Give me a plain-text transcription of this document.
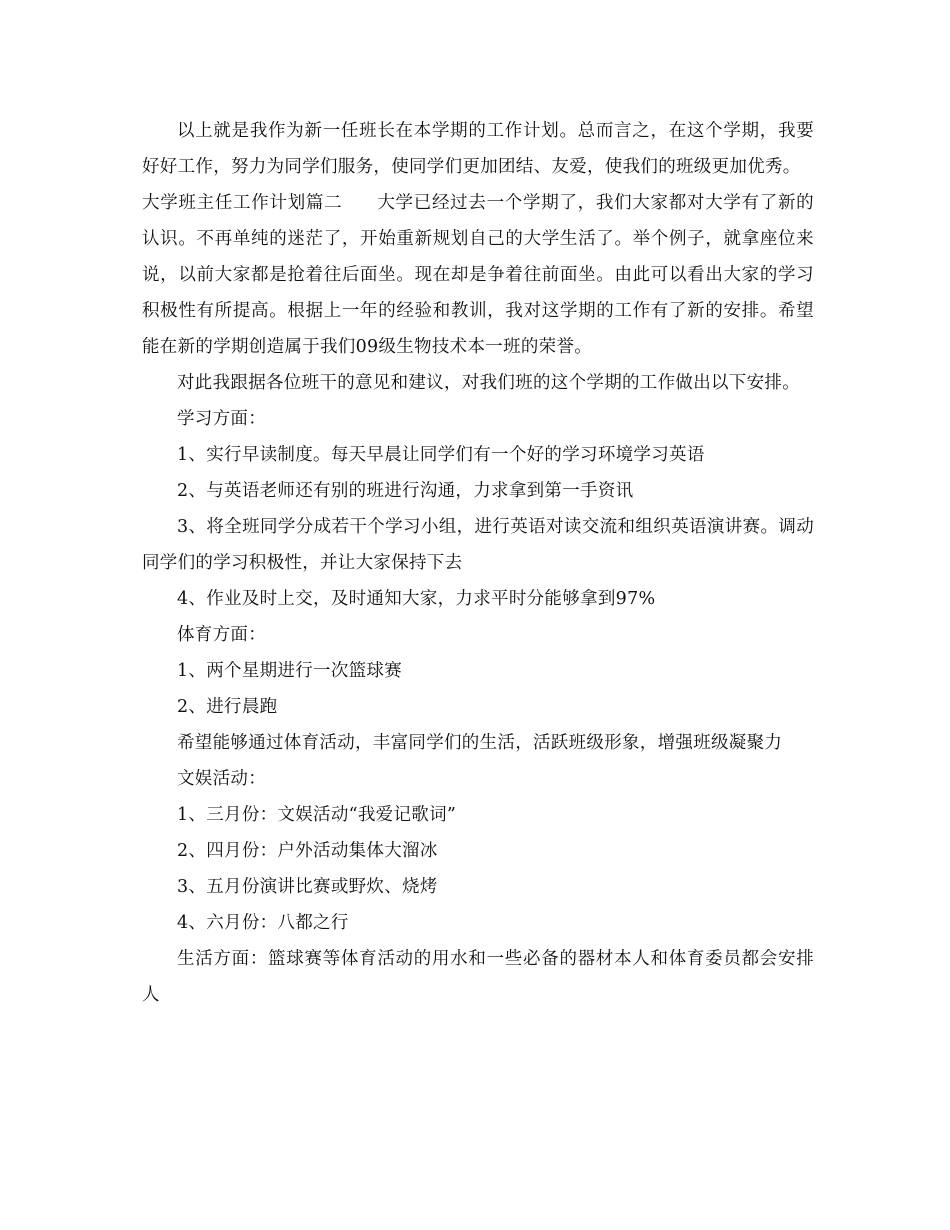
以上就是我作为新一任班长在本学期的工作计划。总而言之，在这个学期，我要好好工作，努力为同学们服务，使同学们更加团结、友爱，使我们的班级更加优秀。

大学班主任工作计划篇二 大学已经过去一个学期了，我们大家都对大学有了新的认识。不再单纯的迷茫了，开始重新规划自己的大学生活了。举个例子，就拿座位来说，以前大家都是抢着往后面坐。现在却是争着往前面坐。由此可以看出大家的学习积极性有所提高。根据上一年的经验和教训，我对这学期的工作有了新的安排。希望能在新的学期创造属于我们09级生物技术本一班的荣誉。

对此我跟据各位班干的意见和建议，对我们班的这个学期的工作做出以下安排。

学习方面：

1、实行早读制度。每天早晨让同学们有一个好的学习环境学习英语

2、与英语老师还有别的班进行沟通，力求拿到第一手资讯

3、将全班同学分成若干个学习小组，进行英语对读交流和组织英语演讲赛。调动同学们的学习积极性，并让大家保持下去

4、作业及时上交，及时通知大家，力求平时分能够拿到97%

体育方面：

1、两个星期进行一次篮球赛

2、进行晨跑

希望能够通过体育活动，丰富同学们的生活，活跃班级形象，增强班级凝聚力

文娱活动：

1、三月份：文娱活动“我爱记歌词”

2、四月份：户外活动集体大溜冰

3、五月份演讲比赛或野炊、烧烤

4、六月份：八都之行

生活方面：篮球赛等体育活动的用水和一些必备的器材本人和体育委员都会安排人
